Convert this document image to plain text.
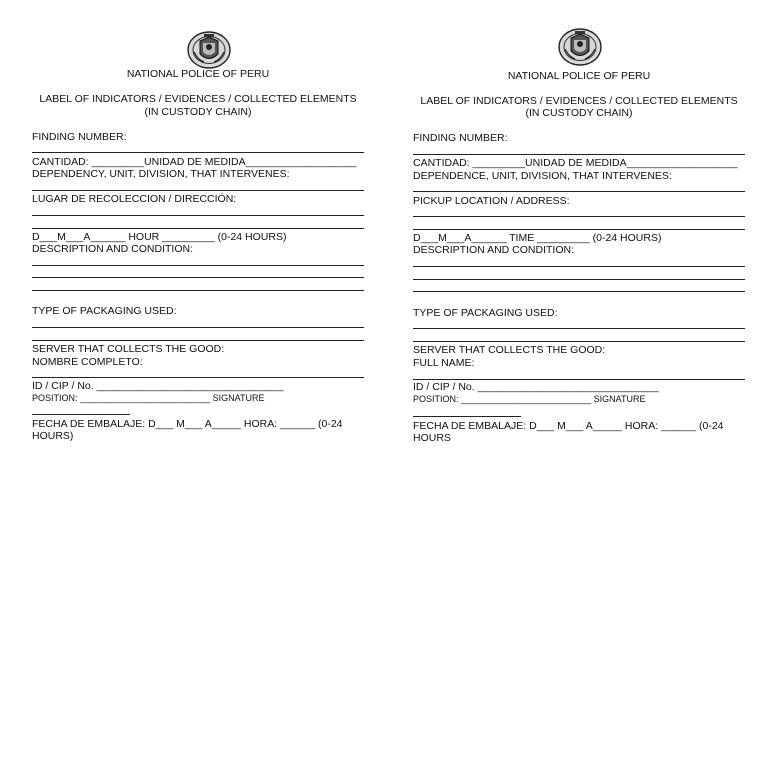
NATIONAL POLICE OF PERU
LABEL OF INDICATORS / EVIDENCES / COLLECTED ELEMENTS
(IN CUSTODY CHAIN)
FINDING NUMBER:
CANTIDAD: _________UNIDAD DE MEDIDA___________________
DEPENDENCY, UNIT, DIVISION, THAT INTERVENES:
LUGAR DE RECOLECCION / DIRECCIÓN:
D___M___A______ HOUR _________ (0-24 HOURS)
DESCRIPTION AND CONDITION:
TYPE OF PACKAGING USED:
SERVER THAT COLLECTS THE GOOD:
NOMBRE COMPLETO:
ID / CIP / No. ________________________________
POSITION: __________________________ SIGNATURE
FECHA DE EMBALAJE: D___ M___ A_____ HORA: ______ (0-24 HOURS)
NATIONAL POLICE OF PERU
LABEL OF INDICATORS / EVIDENCES / COLLECTED ELEMENTS
(IN CUSTODY CHAIN)
FINDING NUMBER:
CANTIDAD: _________UNIDAD DE MEDIDA___________________
DEPENDENCE, UNIT, DIVISION, THAT INTERVENES:
PICKUP LOCATION / ADDRESS:
D___M___A______ TIME _________ (0-24 HOURS)
DESCRIPTION AND CONDITION:
TYPE OF PACKAGING USED:
SERVER THAT COLLECTS THE GOOD:
FULL NAME:
ID / CIP / No. _______________________________
POSITION: __________________________ SIGNATURE
FECHA DE EMBALAJE: D___ M___ A_____ HORA: ______ (0-24 HOURS
